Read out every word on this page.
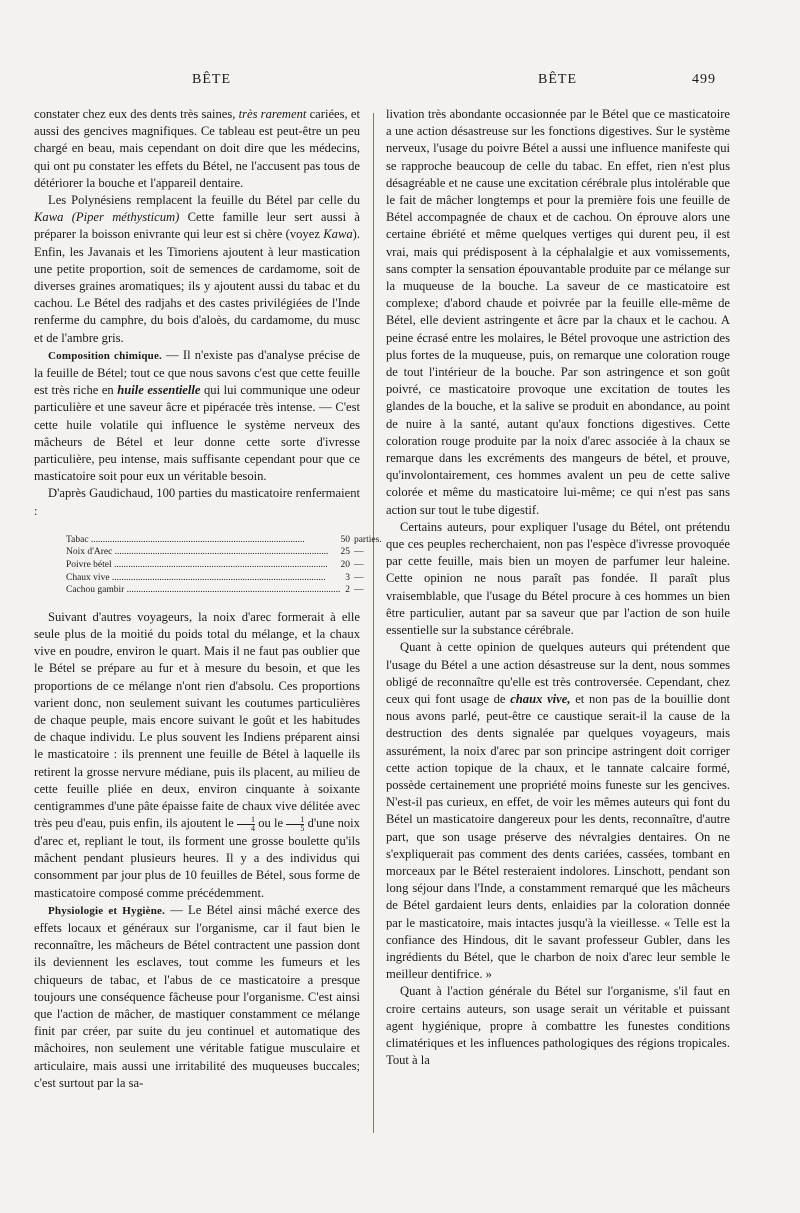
BÊTE	BÊTE	499

constater chez eux des dents très saines, très rarement cariées, et aussi des gencives magnifiques. Ce tableau est peut-être un peu chargé en beau, mais cependant on doit dire que les médecins, qui ont pu constater les effets du Bétel, ne l'accusent pas tous de détériorer la bouche et l'appareil dentaire.

Les Polynésiens remplacent la feuille du Bétel par celle du Kawa (Piper méthysticum) Cette famille leur sert aussi à préparer la boisson enivrante qui leur est si chère (voyez Kawa). Enfin, les Javanais et les Timoriens ajoutent à leur mastication une petite proportion, soit de semences de cardamome, soit de diverses graines aromatiques; ils y ajoutent aussi du tabac et du cachou. Le Bétel des radjahs et des castes privilégiées de l'Inde renferme du camphre, du bois d'aloès, du cardamome, du musc et de l'ambre gris.

Composition chimique. — Il n'existe pas d'analyse précise de la feuille de Bétel; tout ce que nous savons c'est que cette feuille est très riche en huile essentielle qui lui communique une odeur particulière et une saveur âcre et pipéracée très intense. — C'est cette huile volatile qui influence le système nerveux des mâcheurs de Bétel et leur donne cette sorte d'ivresse particulière, peu intense, mais suffisante cependant pour que ce masticatoire soit pour eux un véritable besoin.

D'après Gaudichaud, 100 parties du masticatoire renfermaient :

Tabac ..........................................................................................	50	parties.
Noix d'Arec ..........................................................................................	25	—
Poivre bétel ..........................................................................................	20	—
Chaux vive ..........................................................................................	3	—
Cachou gambir ..........................................................................................	2	—

Suivant d'autres voyageurs, la noix d'arec formerait à elle seule plus de la moitié du poids total du mélange, et la chaux vive en poudre, environ le quart. Mais il ne faut pas oublier que le Bétel se prépare au fur et à mesure du besoin, et que les proportions de ce mélange n'ont rien d'absolu. Ces proportions varient donc, non seulement suivant les coutumes particulières de chaque peuple, mais encore suivant le goût et les habitudes de chaque individu. Le plus souvent les Indiens préparent ainsi le masticatoire : ils prennent une feuille de Bétel à laquelle ils retirent la grosse nervure médiane, puis ils placent, au milieu de cette feuille pliée en deux, environ cinquante à soixante centigrammes d'une pâte épaisse faite de chaux vive délitée avec très peu d'eau, puis enfin, ils ajoutent le $\frac{1}{4}$ ou le $\frac{1}{5} d'une$ noix d'arec et, repliant le tout, ils forment une grosse boulette qu'ils mâchent pendant plusieurs heures. Il y a des individus qui consomment par jour plus de 10 feuilles de Bétel, sous forme de masticatoire composé comme précédemment.

Physiologie et Hygiène. — Le Bétel ainsi mâché exerce des effets locaux et généraux sur l'organisme, car il faut bien le reconnaître, les mâcheurs de Bétel contractent une passion dont ils deviennent les esclaves, tout comme les fumeurs et les chiqueurs de tabac, et l'abus de ce masticatoire a presque toujours une conséquence fâcheuse pour l'organisme. C'est ainsi que l'action de mâcher, de mastiquer constamment ce mélange finit par créer, par suite du jeu continuel et automatique des mâchoires, non seulement une véritable fatigue musculaire et articulaire, mais aussi une irritabilité des muqueuses buccales; c'est surtout par la sa-

livation très abondante occasionnée par le Bétel que ce masticatoire a une action désastreuse sur les fonctions digestives. Sur le système nerveux, l'usage du poivre Bétel a aussi une influence manifeste qui se rapproche beaucoup de celle du tabac. En effet, rien n'est plus désagréable et ne cause une excitation cérébrale plus intolérable que le fait de mâcher longtemps et pour la première fois une feuille de Bétel accompagnée de chaux et de cachou. On éprouve alors une certaine ébriété et même quelques vertiges qui durent peu, il est vrai, mais qui prédisposent à la céphalalgie et aux vomissements, sans compter la sensation épouvantable produite par ce mélange sur la muqueuse de la bouche. La saveur de ce masticatoire est complexe; d'abord chaude et poivrée par la feuille elle-même de Bétel, elle devient astringente et âcre par la chaux et le cachou. A peine écrasé entre les molaires, le Bétel provoque une astriction des plus fortes de la muqueuse, puis, on remarque une coloration rouge de tout l'intérieur de la bouche. Par son astringence et son goût poivré, ce masticatoire provoque une excitation de toutes les glandes de la bouche, et la salive se produit en abondance, au point de nuire à la santé, autant qu'aux fonctions digestives. Cette coloration rouge produite par la noix d'arec associée à la chaux se remarque dans les excréments des mangeurs de bétel, et prouve, qu'involontairement, ces hommes avalent un peu de cette salive colorée et même du masticatoire lui-même; ce qui n'est pas sans action sur tout le tube digestif.

Certains auteurs, pour expliquer l'usage du Bétel, ont prétendu que ces peuples recherchaient, non pas l'espèce d'ivresse provoquée par cette feuille, mais bien un moyen de parfumer leur haleine. Cette opinion ne nous paraît pas fondée. Il paraît plus vraisemblable, que l'usage du Bétel procure à ces hommes un bien être particulier, autant par sa saveur que par l'action de son huile essentielle sur la substance cérébrale.

Quant à cette opinion de quelques auteurs qui prétendent que l'usage du Bétel a une action désastreuse sur la dent, nous sommes obligé de reconnaître qu'elle est très controversée. Cependant, chez ceux qui font usage de chaux vive, et non pas de la bouillie dont nous avons parlé, peut-être ce caustique serait-il la cause de la destruction des dents signalée par quelques voyageurs, mais assurément, la noix d'arec par son principe astringent doit corriger cette action topique de la chaux, et le tannate calcaire formé, possède certainement une propriété moins funeste sur les gencives. N'est-il pas curieux, en effet, de voir les mêmes auteurs qui font du Bétel un masticatoire dangereux pour les dents, reconnaître, d'autre part, que son usage préserve des névralgies dentaires. On ne s'expliquerait pas comment des dents cariées, cassées, tombant en morceaux par le Bétel resteraient indolores. Linschott, pendant son long séjour dans l'Inde, a constamment remarqué que les mâcheurs de Bétel gardaient leurs dents, enlaidies par la coloration donnée par le masticatoire, mais intactes jusqu'à la vieillesse. « Telle est la confiance des Hindous, dit le savant professeur Gubler, dans les ingrédients du Bétel, que le charbon de noix d'arec leur semble le meilleur dentifrice. »

Quant à l'action générale du Bétel sur l'organisme, s'il faut en croire certains auteurs, son usage serait un véritable et puissant agent hygiénique, propre à combattre les funestes conditions climatériques et les influences pathologiques des régions tropicales. Tout à la
